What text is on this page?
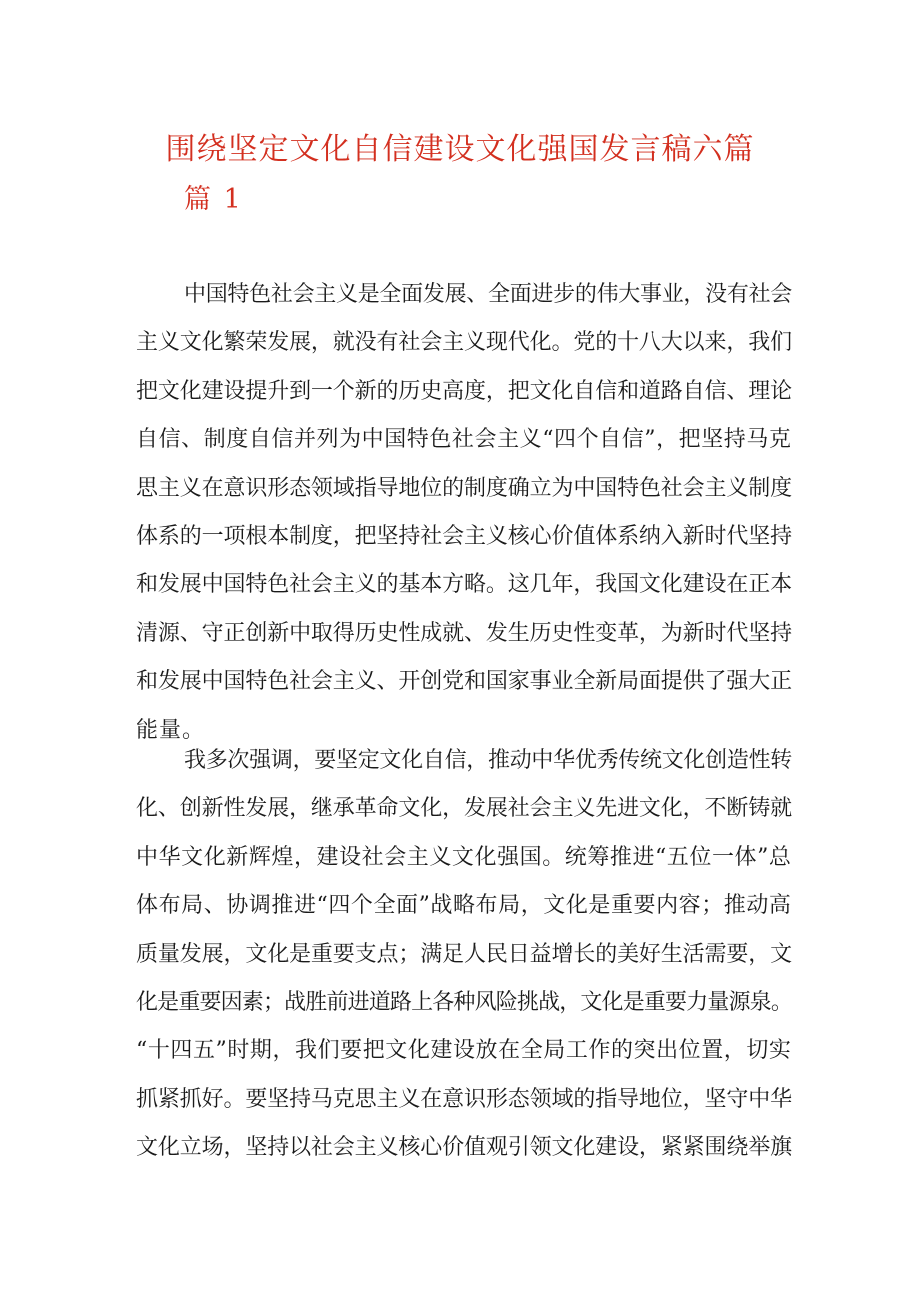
围绕坚定文化自信建设文化强国发言稿六篇
篇 1
中国特色社会主义是全面发展、全面进步的伟大事业，没有社会
主义文化繁荣发展，就没有社会主义现代化。党的十八大以来，我们
把文化建设提升到一个新的历史高度，把文化自信和道路自信、理论
自信、制度自信并列为中国特色社会主义“四个自信”，把坚持马克
思主义在意识形态领域指导地位的制度确立为中国特色社会主义制度
体系的一项根本制度，把坚持社会主义核心价值体系纳入新时代坚持
和发展中国特色社会主义的基本方略。这几年，我国文化建设在正本
清源、守正创新中取得历史性成就、发生历史性变革，为新时代坚持
和发展中国特色社会主义、开创党和国家事业全新局面提供了强大正
能量。
我多次强调，要坚定文化自信，推动中华优秀传统文化创造性转
化、创新性发展，继承革命文化，发展社会主义先进文化，不断铸就
中华文化新辉煌，建设社会主义文化强国。统筹推进“五位一体”总
体布局、协调推进“四个全面”战略布局，文化是重要内容；推动高
质量发展，文化是重要支点；满足人民日益增长的美好生活需要，文
化是重要因素；战胜前进道路上各种风险挑战，文化是重要力量源泉。
“十四五”时期，我们要把文化建设放在全局工作的突出位置，切实
抓紧抓好。要坚持马克思主义在意识形态领域的指导地位，坚守中华
文化立场，坚持以社会主义核心价值观引领文化建设，紧紧围绕举旗
